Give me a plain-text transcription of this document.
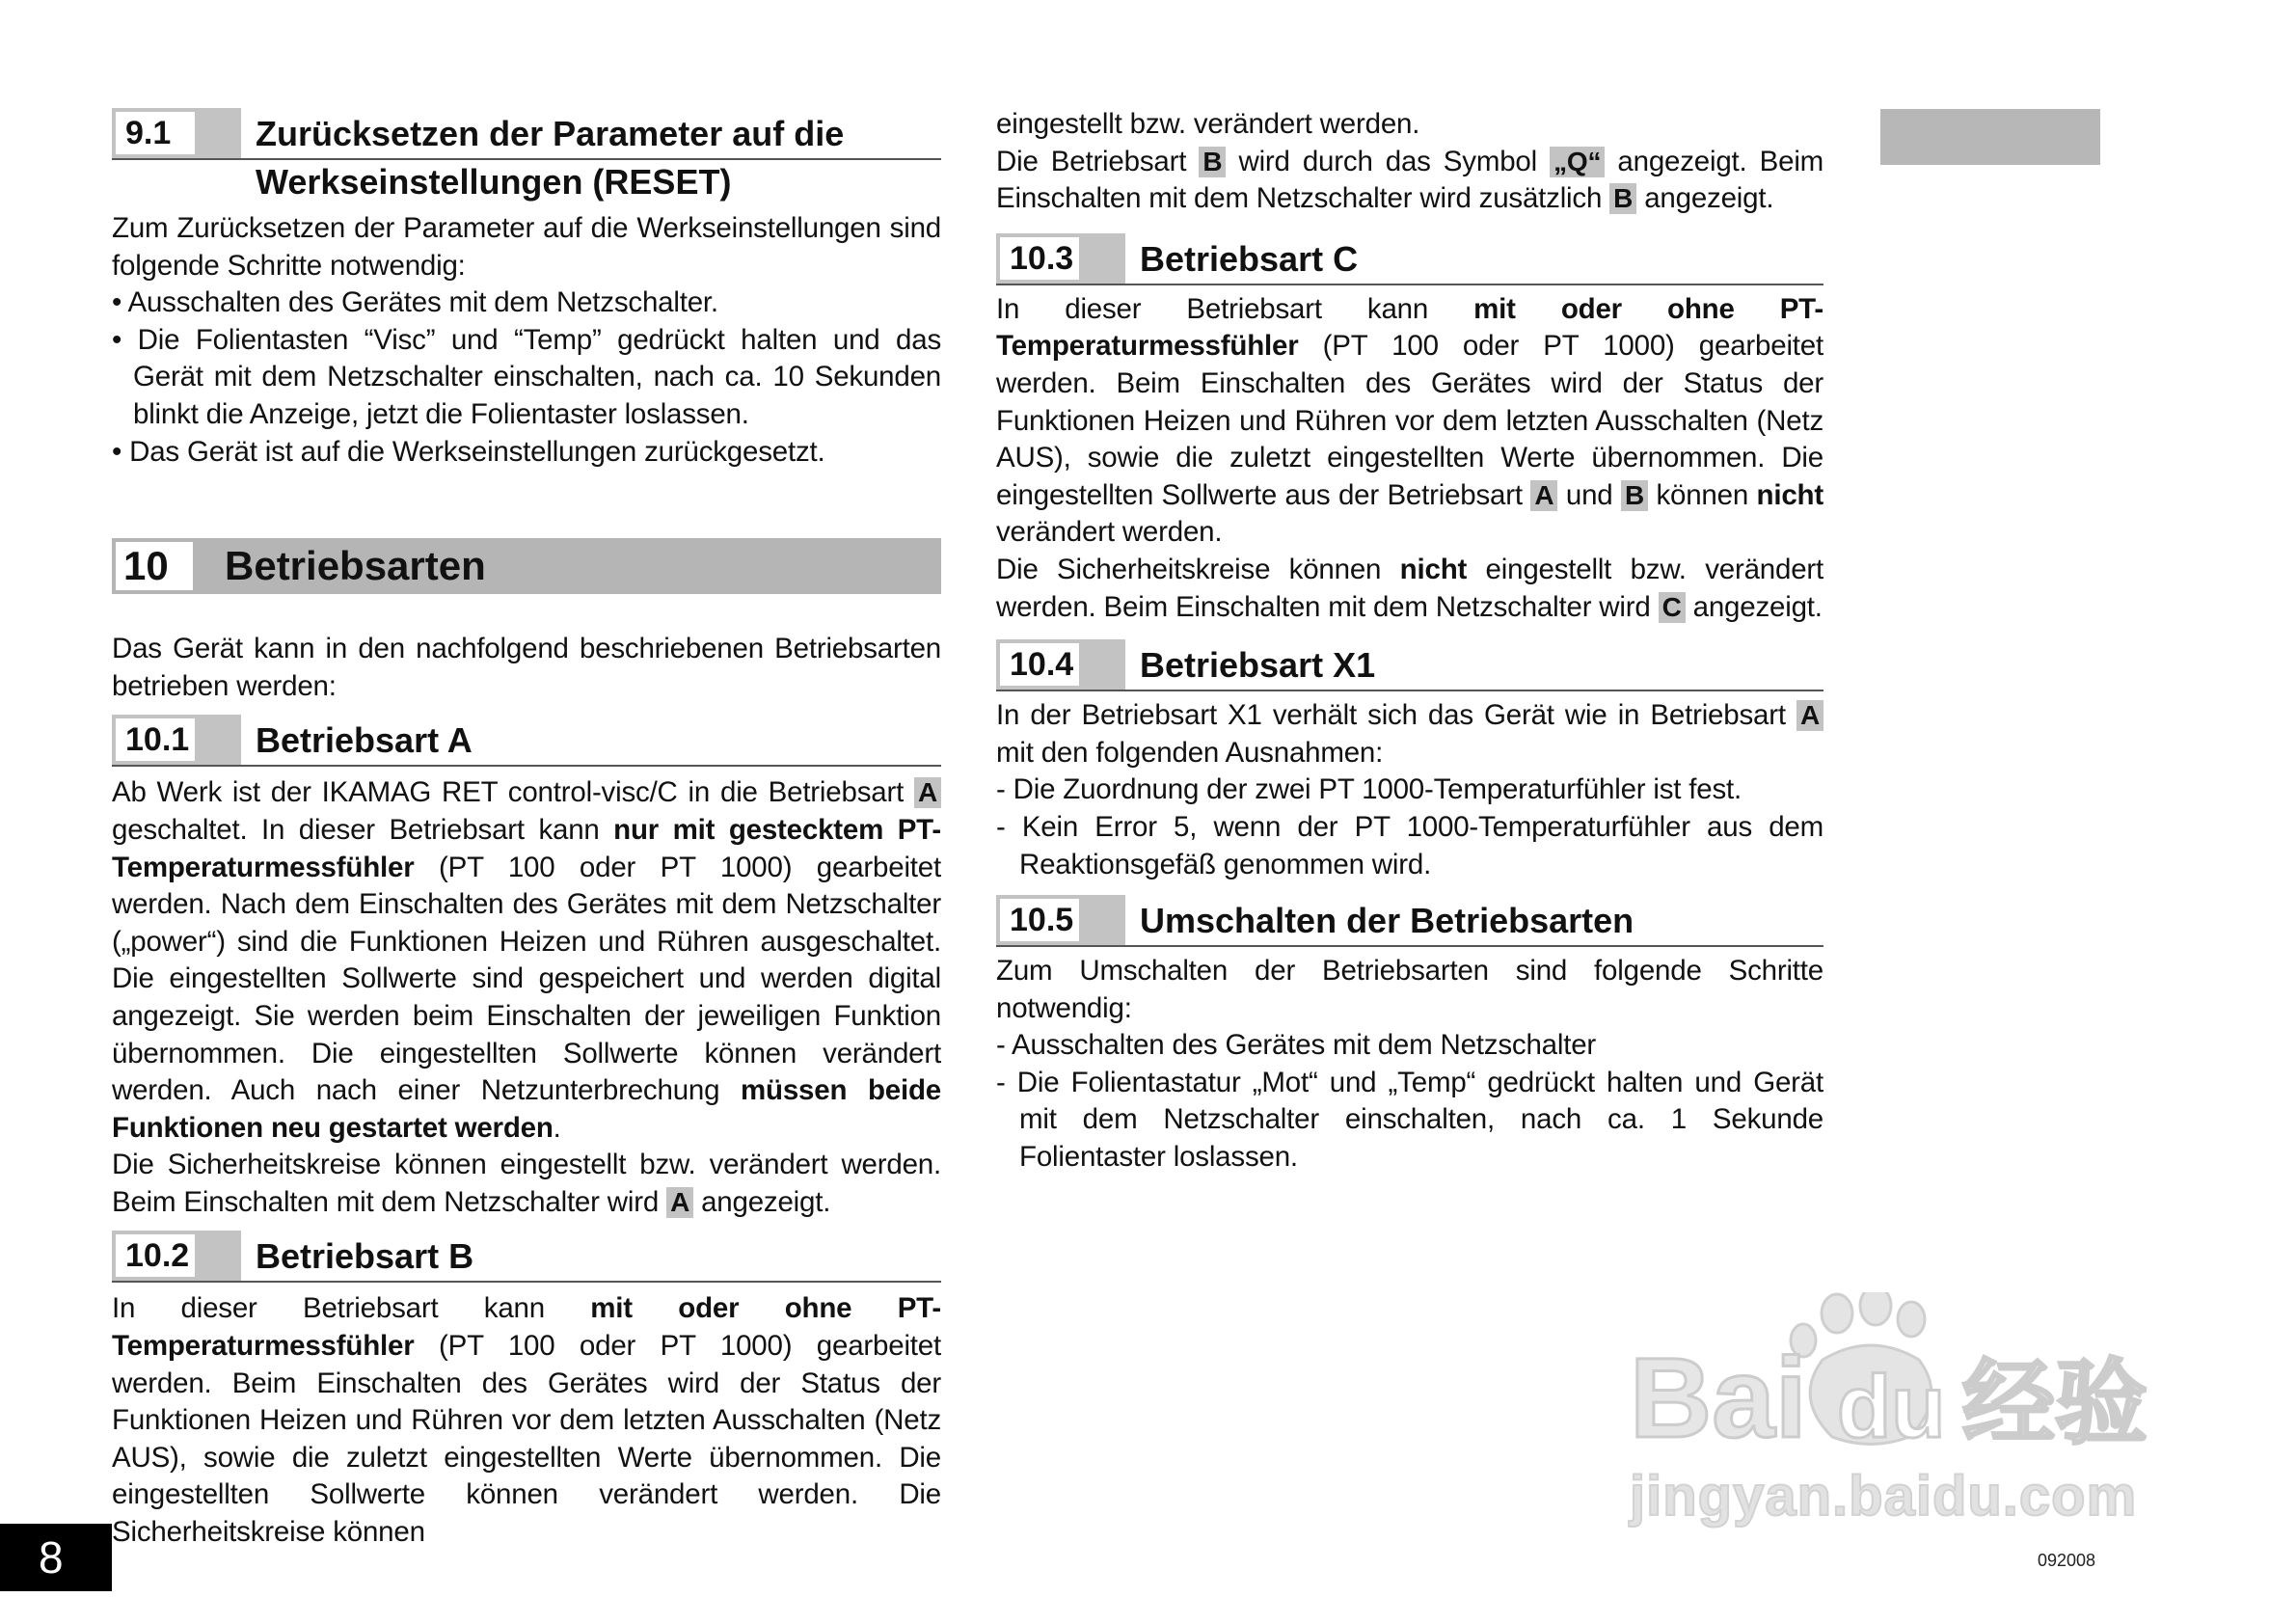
9.1	Zurücksetzen der Parameter auf die
Werkseinstellungen (RESET)

Zum Zurücksetzen der Parameter auf die Werkseinstellungen sind folgende Schritte notwendig:

• Ausschalten des Gerätes mit dem Netzschalter.

• Die Folientasten “Visc” und “Temp” gedrückt halten und das Gerät mit dem Netzschalter einschalten, nach ca. 10 Sekunden blinkt die Anzeige, jetzt die Folientaster loslassen.

• Das Gerät ist auf die Werkseinstellungen zurückgesetzt.

10	Betriebsarten

Das Gerät kann in den nachfolgend beschriebenen Betriebsarten betrieben werden:

10.1 Betriebsart A

Ab Werk ist der IKAMAG RET control-visc/C in die Betriebsart A geschaltet. In dieser Betriebsart kann nur mit gestecktem PT-Temperaturmessfühler (PT 100 oder PT 1000) gearbeitet werden. Nach dem Einschalten des Gerätes mit dem Netzschalter („power“) sind die Funktionen Heizen und Rühren ausgeschaltet. Die eingestellten Sollwerte sind gespeichert und werden digital angezeigt. Sie werden beim Einschalten der jeweiligen Funktion übernommen. Die eingestellten Sollwerte können verändert werden. Auch nach einer Netzunterbrechung müssen beide Funktionen neu gestartet werden.

Die Sicherheitskreise können eingestellt bzw. verändert werden. Beim Einschalten mit dem Netzschalter wird A angezeigt.

10.2 Betriebsart B

In dieser Betriebsart kann mit oder ohne PT-Temperaturmessfühler (PT 100 oder PT 1000) gearbeitet werden. Beim Einschalten des Gerätes wird der Status der Funktionen Heizen und Rühren vor dem letzten Ausschalten (Netz AUS), sowie die zuletzt eingestellten Werte übernommen. Die eingestellten Sollwerte können verändert werden. Die Sicherheitskreise können

eingestellt bzw. verändert werden.

Die Betriebsart B wird durch das Symbol „Q“ angezeigt. Beim Einschalten mit dem Netzschalter wird zusätzlich B angezeigt.

10.3 Betriebsart C

In dieser Betriebsart kann mit oder ohne PT-Temperaturmessfühler (PT 100 oder PT 1000) gearbeitet werden. Beim Einschalten des Gerätes wird der Status der Funktionen Heizen und Rühren vor dem letzten Ausschalten (Netz AUS), sowie die zuletzt eingestellten Werte übernommen. Die eingestellten Sollwerte aus der Betriebsart A und B können nicht verändert werden.

Die Sicherheitskreise können nicht eingestellt bzw. verändert werden. Beim Einschalten mit dem Netzschalter wird C angezeigt.

10.4 Betriebsart X1

In der Betriebsart X1 verhält sich das Gerät wie in Betriebsart A mit den folgenden Ausnahmen:

- Die Zuordnung der zwei PT 1000-Temperaturfühler ist fest.

- Kein Error 5, wenn der PT 1000-Temperaturfühler aus dem Reaktionsgefäß genommen wird.

10.5 Umschalten der Betriebsarten

Zum Umschalten der Betriebsarten sind folgende Schritte notwendig:

- Ausschalten des Gerätes mit dem Netzschalter

- Die Folientastatur „Mot“ und „Temp“ gedrückt halten und Gerät mit dem Netzschalter einschalten, nach ca. 1 Sekunde Folientaster loslassen.

Bai du 经验
jingyan.baidu.com
8	092008
